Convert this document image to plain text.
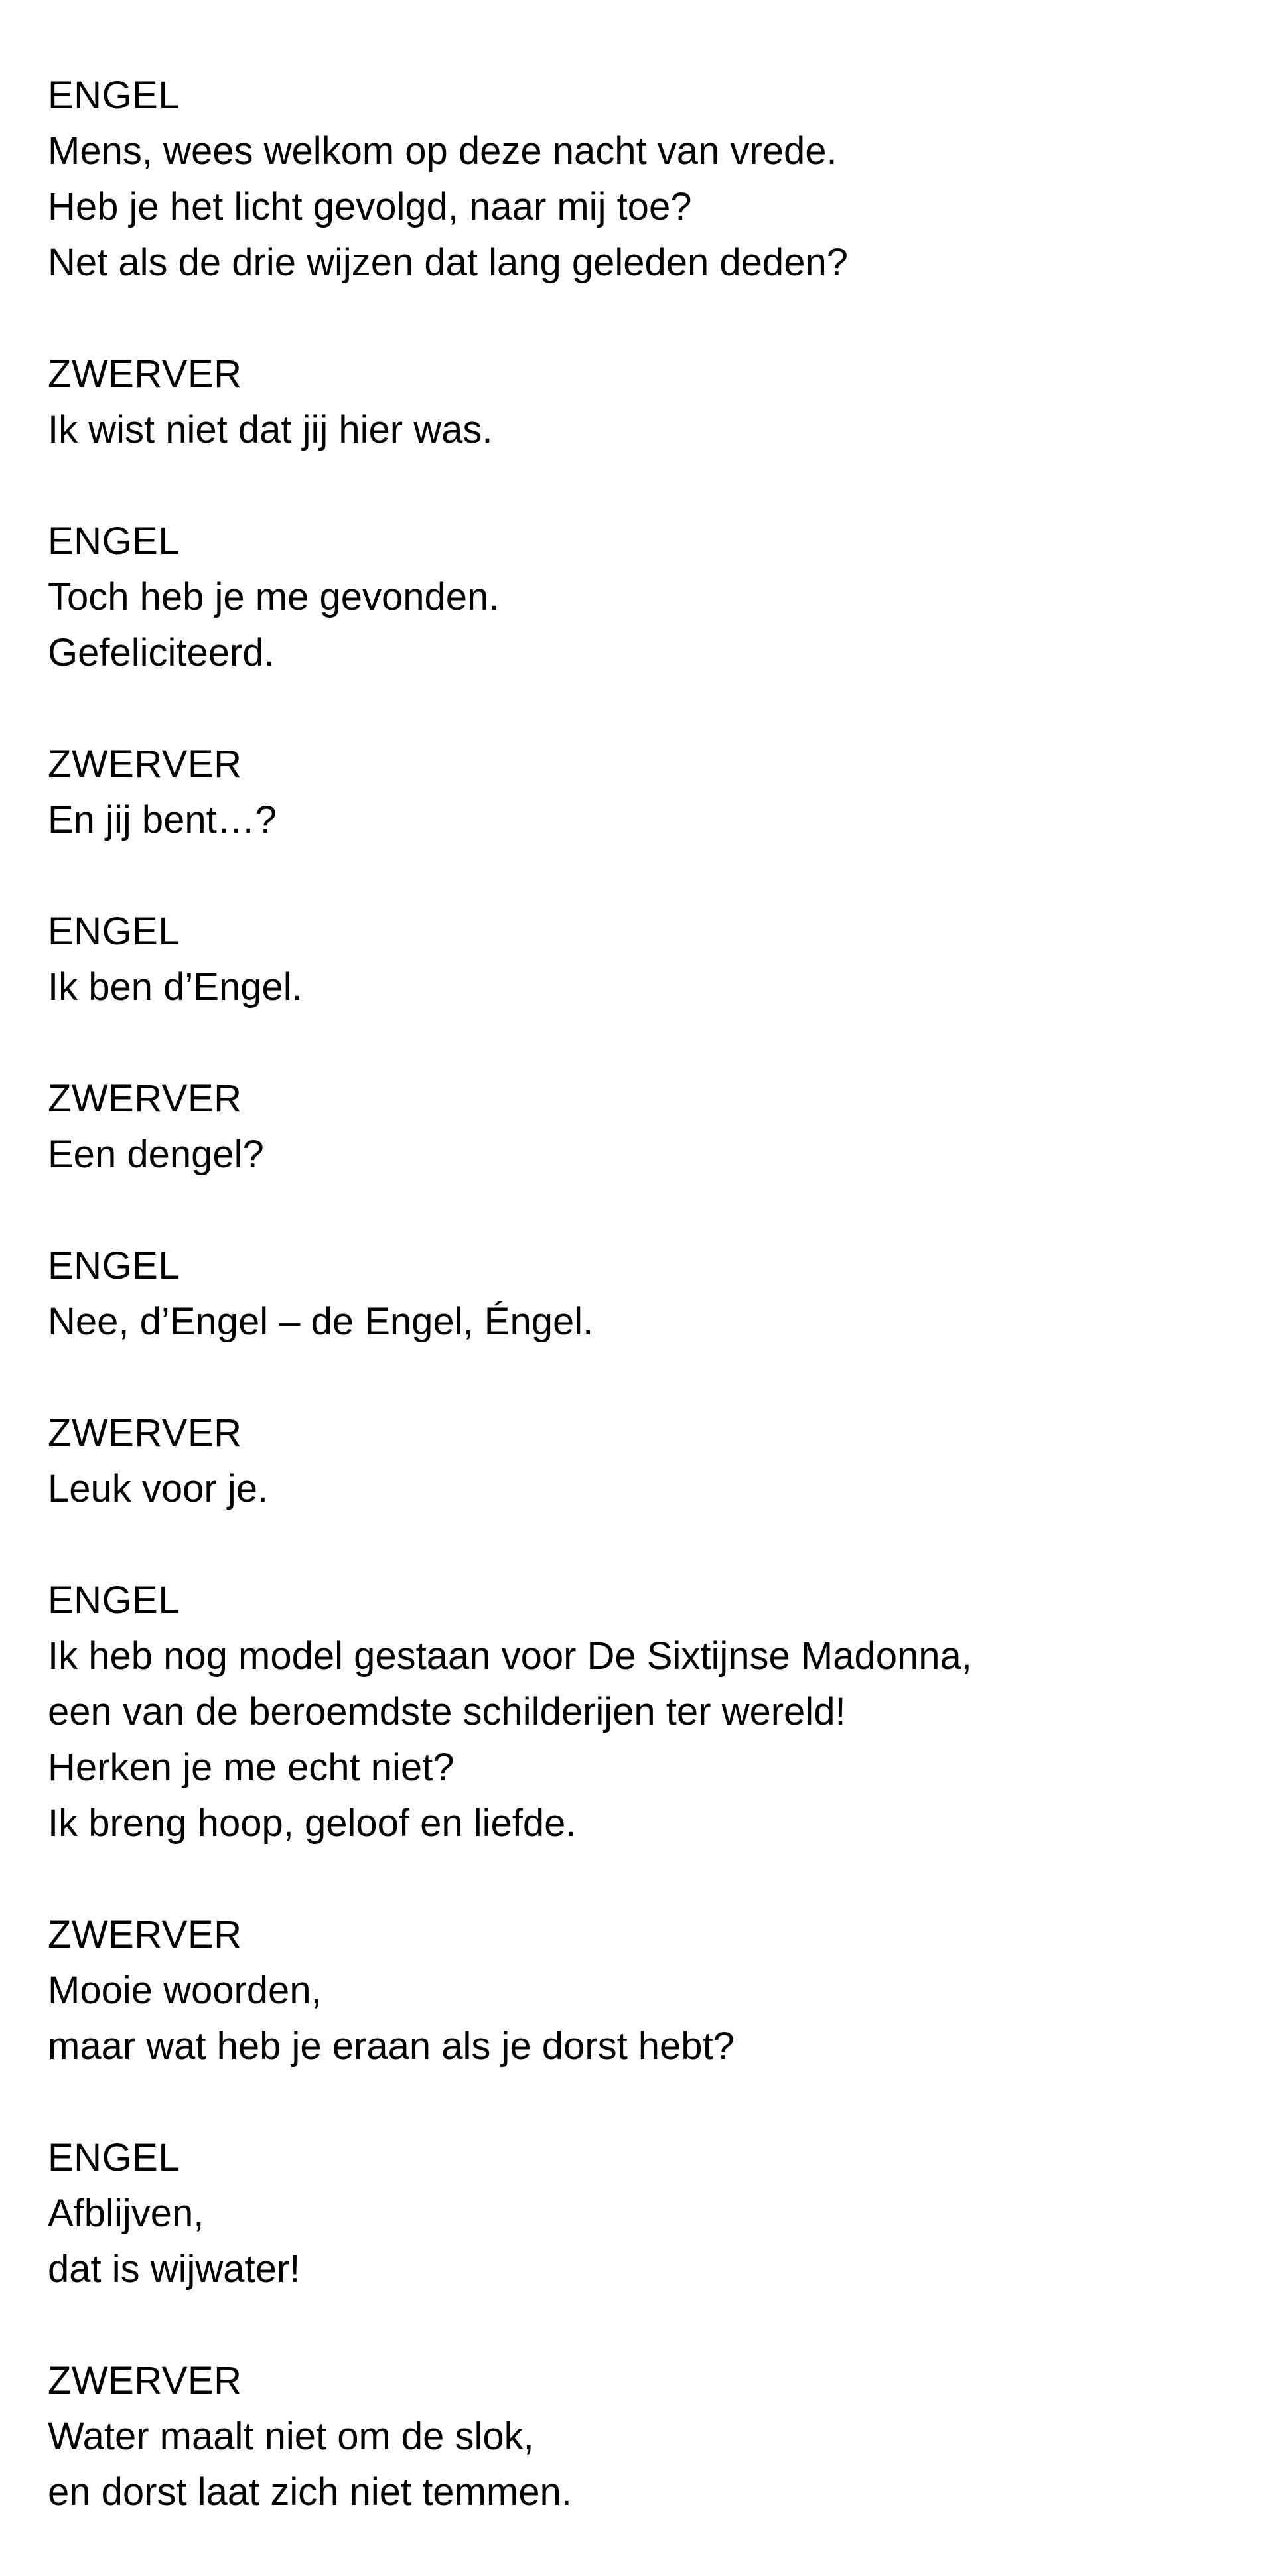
ENGEL
Mens, wees welkom op deze nacht van vrede.
Heb je het licht gevolgd, naar mij toe?
Net als de drie wijzen dat lang geleden deden?
ZWERVER
Ik wist niet dat jij hier was.
ENGEL
Toch heb je me gevonden.
Gefeliciteerd.
ZWERVER
En jij bent…?
ENGEL
Ik ben d’Engel.
ZWERVER
Een dengel?
ENGEL
Nee, d’Engel – de Engel, Éngel.
ZWERVER
Leuk voor je.
ENGEL
Ik heb nog model gestaan voor De Sixtijnse Madonna,
een van de beroemdste schilderijen ter wereld!
Herken je me echt niet?
Ik breng hoop, geloof en liefde.
ZWERVER
Mooie woorden,
maar wat heb je eraan als je dorst hebt?
ENGEL
Afblijven,
dat is wijwater!
ZWERVER
Water maalt niet om de slok,
en dorst laat zich niet temmen.
